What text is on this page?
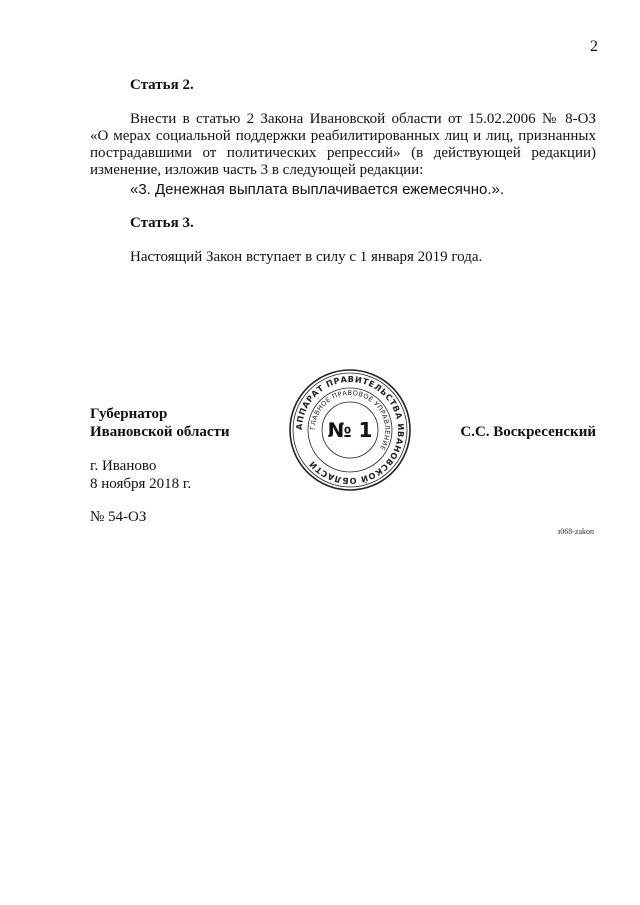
2
Статья 2.
Внести в статью 2 Закона Ивановской области от 15.02.2006 № 8-ОЗ
«О мерах социальной поддержки реабилитированных лиц и лиц, признанных
пострадавшими от политических репрессий» (в действующей редакции)
изменение, изложив часть 3 в следующей редакции:
«3. Денежная выплата выплачивается ежемесячно.».
Статья 3.
Настоящий Закон вступает в силу с 1 января 2019 года.
АППАРАТ ПРАВИТЕЛЬСТВА ИВАНОВСКОЙ ОБЛАСТИ
ГЛАВНОЕ ПРАВОВОЕ УПРАВЛЕНИЕ
№ 1
Губернатор
Ивановской области	С.С. Воскресенский
г. Иваново
8 ноября 2018 г.
№ 54-ОЗ
з068-zakon
